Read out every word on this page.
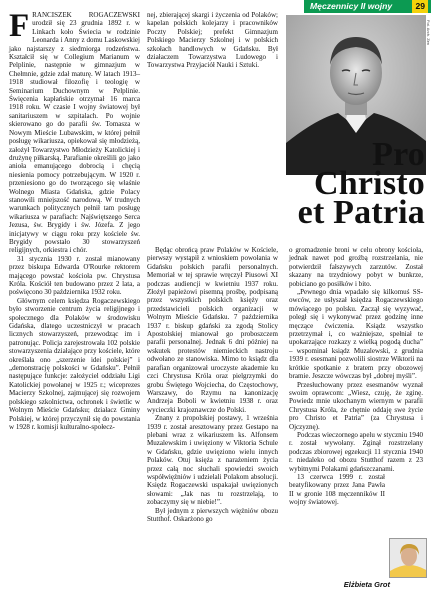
Męczennicy II wojny	29
Fot. Arch. Zen
Pro
Christo
et Patria

FRANCISZEK ROGACZEWSKI urodził się 23 grudnia 1892 r. w Linkach koło Świecia w rodzinie Leonarda i Anny z domu Laskowskiej jako najstarszy z siedmiorga rodzeństwa. Kształcił się w Collegium Marianum w Pelplinie, następnie w gimnazjum w Chełmnie, gdzie zdał maturę. W latach 1913–1918 studiował filozofię i teologię w Seminarium Duchownym w Pelplinie. Święcenia kapłańskie otrzymał 16 marca 1918 roku. W czasie I wojny światowej był sanitariuszem w szpitalach. Po wojnie skierowano go do parafii św. Tomasza w Nowym Mieście Lubawskim, w której pełnił posługę wikariusza, opiekował się młodzieżą, założył Towarzystwo Młodzieży Katolickiej i drużynę piłkarską. Parafianie określili go jako anioła emanującego dobrocią i chęcią niesienia pomocy potrzebującym. W 1920 r. przeniesiono go do tworzącego się właśnie Wolnego Miasta Gdańska, gdzie Polacy stanowili mniejszość narodową. W trudnych warunkach politycznych pełnił tam posługę wikariusza w parafiach: Najświętszego Serca Jezusa, św. Brygidy i św. Józefa. Z jego inicjatywy w ciągu roku przy kościele św. Brygidy powstało 30 stowarzyszeń religijnych, orkiestra i chór.

31 stycznia 1930 r. został mianowany przez biskupa Edwarda O'Rourke rektorem mającego powstać kościoła pw. Chrystusa Króla. Kościół ten budowano przez 2 lata, a poświęcono 30 października 1932 roku.

Głównym celem księdza Rogaczewskiego było stworzenie centrum życia religijnego i społecznego dla Polaków w środowisku Gdańska, dlatego uczestniczył w pracach licznych stowarzyszeń, przewodząc im i patronując. Policja zarejestrowała 102 polskie stowarzyszenia działające przy kościele, które określała ono „szerzenie idei polskiej” i „demonstrację polskości w Gdańsku”. Pełnił następujące funkcje: założyciel oddziału Ligi Katolickiej powołanej w 1925 r.; wiceprezes Macierzy Szkolnej, zajmującej się rozwojem polskiego szkolnictwa, ochronek i świetlic w Wolnym Mieście Gdańsku; działacz Gminy Polskiej, w której przyczynił się do powstania w 1928 r. komisji kulturalno-społecz-

nej, zbierającej skargi i życzenia od Polaków; kapelan polskich kolejarzy i pracowników Poczty Polskiej; prefekt Gimnazjum Polskiego Macierzy Szkolnej i w polskich szkołach handlowych w Gdańsku. Był działaczem Towarzystwa Ludowego i Towarzystwa Przyjaciół Nauki i Sztuki.

Będąc obrońcą praw Polaków w Kościele, pierwszy wystąpił z wnioskiem powołania w Gdańsku polskich parafii personalnych. Memoriał w tej sprawie wręczył Piusowi XI podczas audiencji w kwietniu 1937 roku. Złożył papieżowi pisemną prośbę, podpisaną przez wszystkich polskich księży oraz przedstawicieli polskich organizacji w Wolnym Mieście Gdańsku. 7 października 1937 r. biskup gdański za zgodą Stolicy Apostolskiej mianował go proboszczem parafii personalnej. Jednak 6 dni później na wskutek protestów niemieckich nastroju odwołano ze stanowiska. Mimo to ksiądz dla parafian organizował uroczyste akademie ku czci Chrystusa Króla oraz pielgrzymki do grobu Świętego Wojciecha, do Częstochowy, Warszawy, do Rzymu na kanonizację Andrzeja Boboli w kwietniu 1938 r. oraz wycieczki krajoznawcze do Polski.

Znany z propolskiej postawy, 1 września 1939 r. został aresztowany przez Gestapo na plebani wraz z wikariuszem ks. Alfonsem Muzalewskim i uwięziony w Viktoria Schule w Gdańsku, gdzie uwięziono wielu innych Polaków. Otuj księża z narażeniem życia przez całą noc słuchali spowiedzi swoich współwięźniów i udzielali Polakom absolucji. Księdz Rogaczewski uspakajał uwięzionych słowami: „Jak nas tu rozstrzelają, to zobaczymy się w niebie!”.

Był jednym z pierwszych więźniów obozu Stutthof. Oskarżono go

o gromadzenie broni w celu obrony kościoła, jednak nawet pod groźbą rozstrzelania, nie potwierdził fałszywych zarzutów. Został skazany na trzydniowy pobyt w bunkrze, pobiciano go posiłków i bito.

„Pewnego dnia wpadało się kilkomuś SS-owców, ze usłyszał księdza Rogaczewskiego mówiącego po polsku. Zaczął się wyzywać, poległ się i wykonywać przez godzinę inne męczące ćwiczenia. Ksiądz wszystko przetrzymał i, co ważniejsze, spełniał te upokarzające rozkazy z wielką pogodą ducha” – wspominał ksiądz Muzalewski, z grudnia 1939 r. esesmani pozwolili siostrze Wiktorii na krótkie spotkanie z bratem przy obozowej bramie. Jeszcze wówczas był „dobrej myśli”.

Przesłuchowany przez esesmanów wyznał swoim oprawcom: „Wiesz, czuję, że zginę. Powiedz mnie ukochanym wiernym w parafii Chrystusa Króla, że chętnie oddaję swe życie pro Christo et Patria” (za Chrystusa i Ojczyznę).

Podczas wieczornego apelu w styczniu 1940 r. został wywołany. Zginął rozstrzelany podczas zbiorowej egzekucji 11 stycznia 1940 r. niedaleko od obozu Stutthof razem z 23 wybitnymi Polakami gdańszczanami.

13 czerwca 1999 r. został beatyfikowany przez Jana Pawła II w gronie 108 męczenników II wojny światowej.

Elżbieta Grot
